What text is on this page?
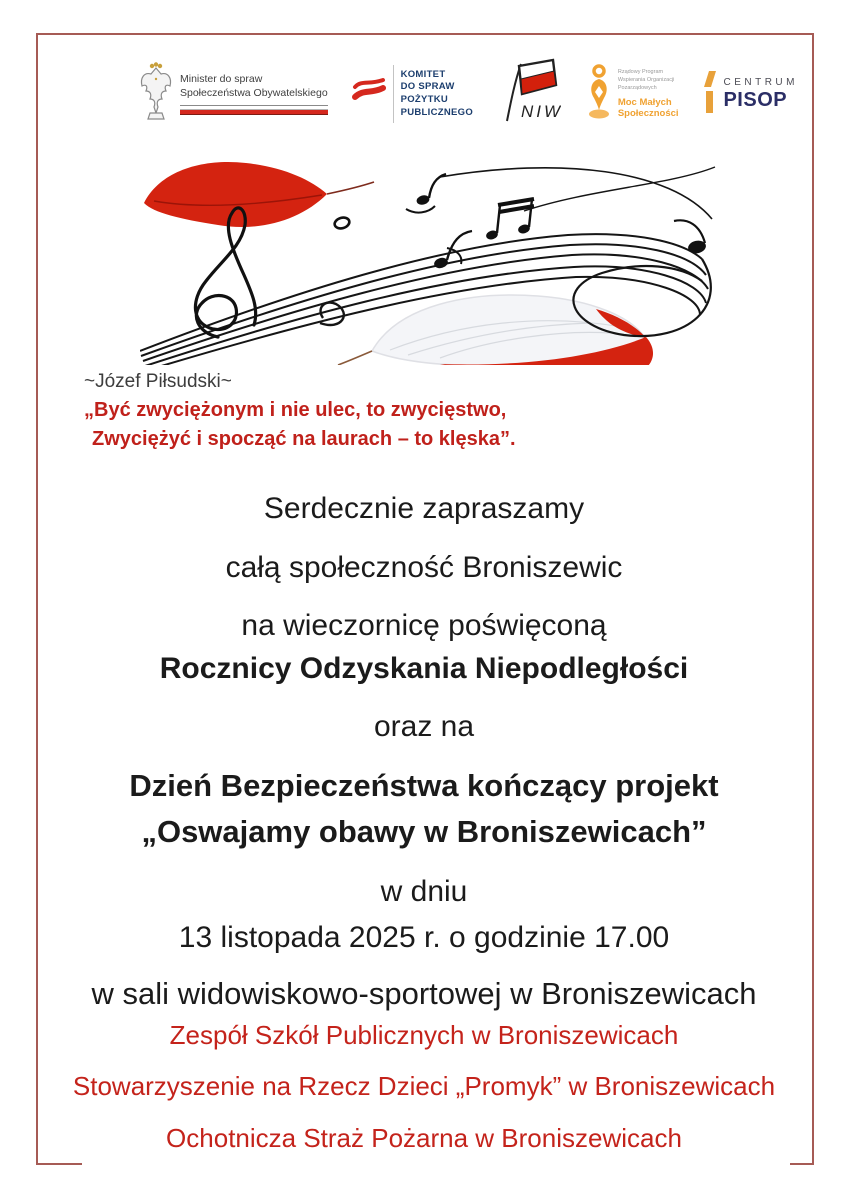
Minister do spraw
Społeczeństwa Obywatelskiego
KOMITET
DO SPRAW
POŻYTKU
PUBLICZNEGO	NIW
Rządowy Program
Wspierania Organizacji
Pozarządowych
Moc Małych
Społeczności
CENTRUM
PISOP
~Józef Piłsudski~
„Być zwyciężonym i nie ulec, to zwycięstwo,
Zwyciężyć i spocząć na laurach – to klęska”.
Serdecznie zapraszamy
całą społeczność Broniszewic
na wieczornicę poświęconą
Rocznicy Odzyskania Niepodległości
oraz na
Dzień Bezpieczeństwa kończący projekt
„Oswajamy obawy w Broniszewicach”
w dniu
13 listopada 2025 r. o godzinie 17.00
w sali widowiskowo-sportowej w Broniszewicach
Zespół Szkół Publicznych w Broniszewicach
Stowarzyszenie na Rzecz Dzieci „Promyk” w Broniszewicach
Ochotnicza Straż Pożarna w Broniszewicach
